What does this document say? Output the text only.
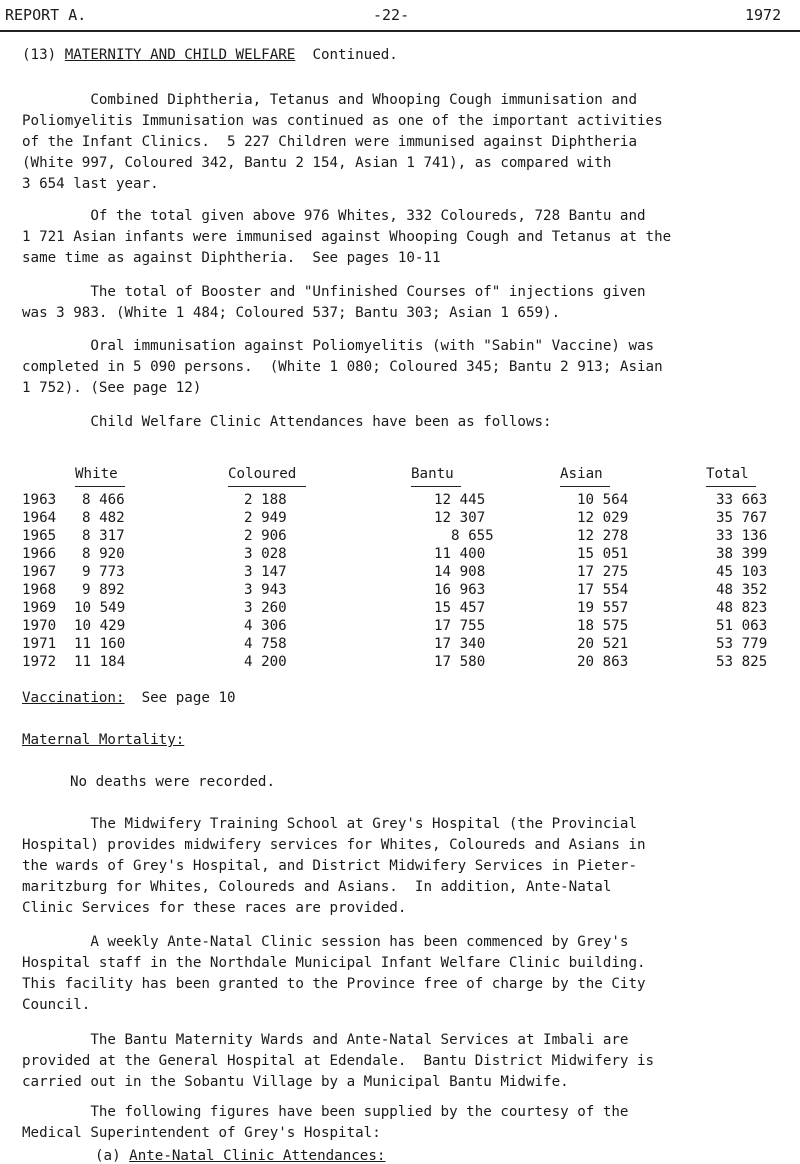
REPORT A.	-22-	1972
(13) MATERNITY AND CHILD WELFARE Continued.

Combined Diphtheria, Tetanus and Whooping Cough immunisation and
Poliomyelitis Immunisation was continued as one of the important activities
of the Infant Clinics.  5 227 Children were immunised against Diphtheria
(White 997, Coloured 342, Bantu 2 154, Asian 1 741), as compared with
3 654 last year.

Of the total given above 976 Whites, 332 Coloureds, 728 Bantu and
1 721 Asian infants were immunised against Whooping Cough and Tetanus at the
same time as against Diphtheria.  See pages 10-11

The total of Booster and "Unfinished Courses of" injections given
was 3 983. (White 1 484; Coloured 537; Bantu 303; Asian 1 659).

Oral immunisation against Poliomyelitis (with "Sabin" Vaccine) was
completed in 5 090 persons.  (White 1 080; Coloured 345; Bantu 2 913; Asian
1 752). (See page 12)

Child Welfare Clinic Attendances have been as follows:

White	Coloured	Bantu	Asian	Total
1963 8 466	2 188	12 445	10 564	33 663
1964 8 482	2 949	12 307	12 029	35 767
1965 8 317	2 906	8 655	12 278	33 136
1966 8 920	3 028	11 400	15 051	38 399
1967 9 773	3 147	14 908	17 275	45 103
1968 9 892	3 943	16 963	17 554	48 352
1969 10 549	3 260	15 457	19 557	48 823
1970 10 429	4 306	17 755	18 575	51 063
1971 11 160	4 758	17 340	20 521	53 779
1972 11 184	4 200	17 580	20 863	53 825
Vaccination: See page 10
Maternal Mortality:
No deaths were recorded.

The Midwifery Training School at Grey's Hospital (the Provincial
Hospital) provides midwifery services for Whites, Coloureds and Asians in
the wards of Grey's Hospital, and District Midwifery Services in Pieter-
maritzburg for Whites, Coloureds and Asians.  In addition, Ante-Natal
Clinic Services for these races are provided.

A weekly Ante-Natal Clinic session has been commenced by Grey's
Hospital staff in the Northdale Municipal Infant Welfare Clinic building.
This facility has been granted to the Province free of charge by the City
Council.

The Bantu Maternity Wards and Ante-Natal Services at Imbali are
provided at the General Hospital at Edendale.  Bantu District Midwifery is
carried out in the Sobantu Village by a Municipal Bantu Midwife.

The following figures have been supplied by the courtesy of the
Medical Superintendent of Grey's Hospital:

(a) Ante-Natal Clinic Attendances:
